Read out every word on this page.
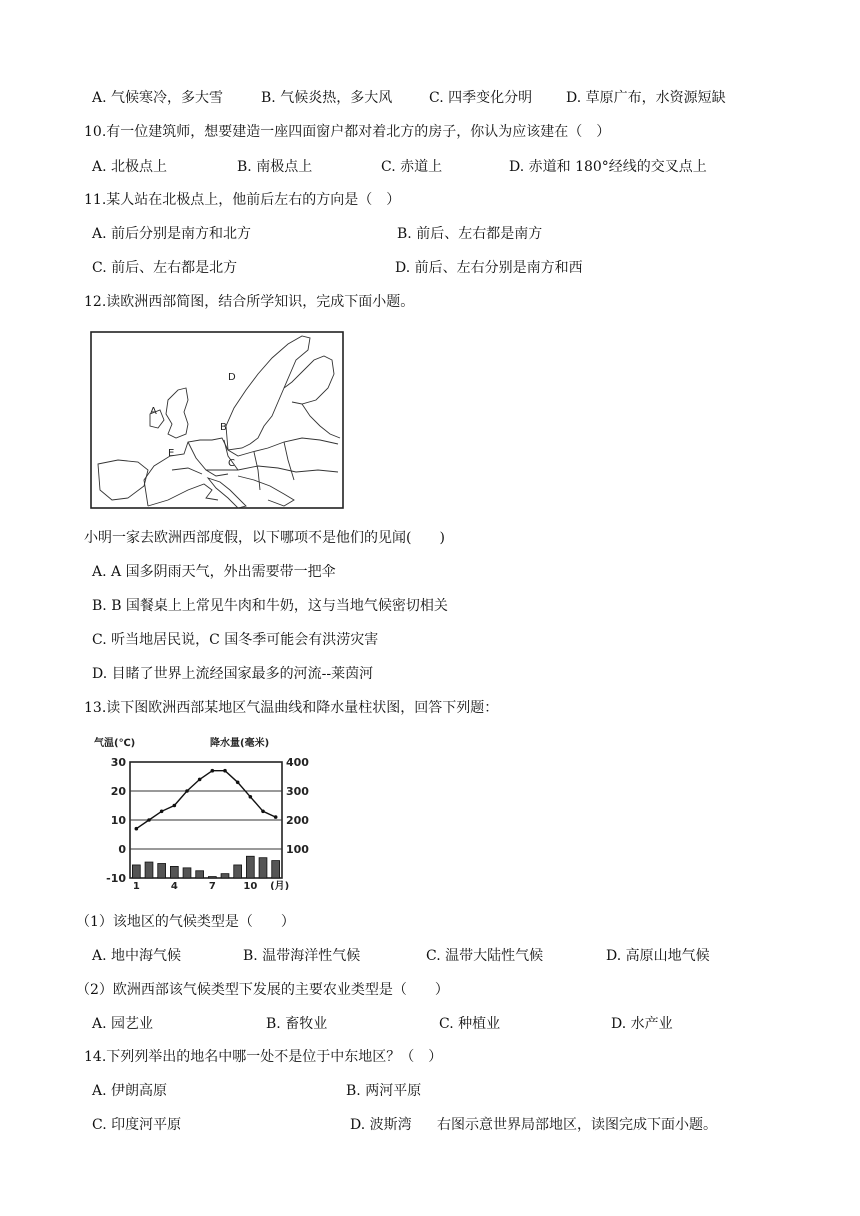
A. 气候寒冷，多大雪	B. 气候炎热，多大风	C. 四季变化分明 D. 草原广布，水资源短缺
10.有一位建筑师，想要建造一座四面窗户都对着北方的房子，你认为应该建在（　）
A. 北极点上	B. 南极点上	C. 赤道上	D. 赤道和 180°经线的交叉点上
11.某人站在北极点上，他前后左右的方向是（　）
A. 前后分别是南方和北方	B. 前后、左右都是南方
C. 前后、左右都是北方	D. 前后、左右分别是南方和西
12.读欧洲西部简图，结合所学知识，完成下面小题。
D
A
B
E
C
小明一家去欧洲西部度假，以下哪项不是他们的见闻(　　)
A. A 国多阴雨天气，外出需要带一把伞
B. B 国餐桌上上常见牛肉和牛奶，这与当地气候密切相关
C. 听当地居民说，C 国冬季可能会有洪涝灾害
D. 目睹了世界上流经国家最多的河流--莱茵河
13.读下图欧洲西部某地区气温曲线和降水量柱状图，回答下列题：
气温(℃)	降水量(毫米)
30
20
10
0
-10
400
300
200
100
1	4	7	10 (月)
（1）该地区的气候类型是（　　）
A. 地中海气候	B. 温带海洋性气候	C. 温带大陆性气候	D. 高原山地气候
（2）欧洲西部该气候类型下发展的主要农业类型是（　　）
A. 园艺业	B. 畜牧业	C. 种植业	D. 水产业
14.下列列举出的地名中哪一处不是位于中东地区？（　）
A. 伊朗高原	B. 两河平原
C. 印度河平原	D. 波斯湾 右图示意世界局部地区，读图完成下面小题。
